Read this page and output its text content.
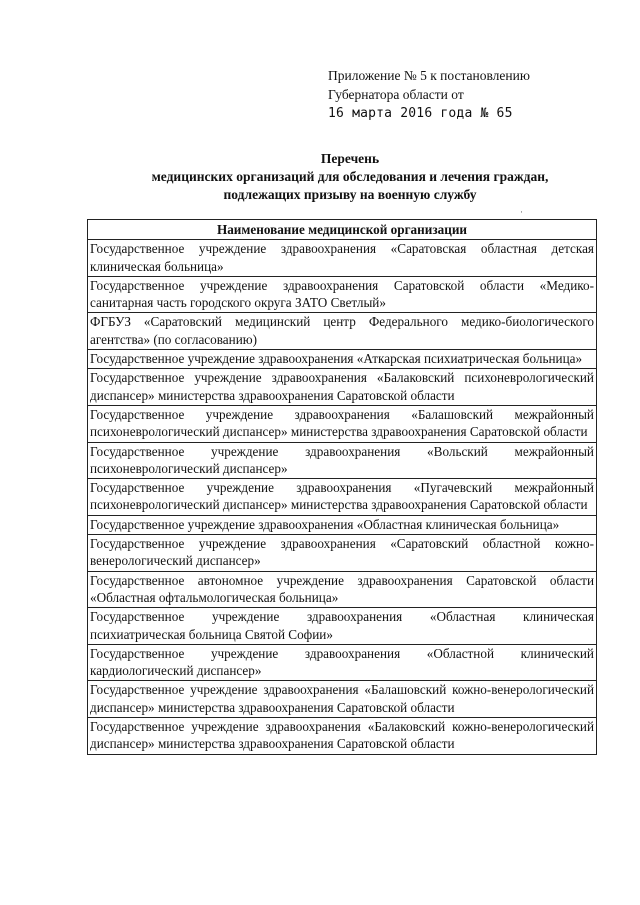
Приложение № 5 к постановлению
Губернатора области от
16 марта 2016 года № 65
Перечень
медицинских организаций для обследования и лечения граждан,
подлежащих призыву на военную службу
·
Наименование медицинской организации
Государственное учреждение здравоохранения «Саратовская областная детская клиническая больница»
Государственное учреждение здравоохранения Саратовской области «Медико-санитарная часть городского округа ЗАТО Светлый»
ФГБУЗ «Саратовский медицинский центр Федерального медико-биологического агентства» (по согласованию)
Государственное учреждение здравоохранения «Аткарская психиатрическая больница»
Государственное учреждение здравоохранения «Балаковский психоневрологический диспансер» министерства здравоохранения Саратовской области
Государственное учреждение здравоохранения «Балашовский межрайонный психоневрологический диспансер» министерства здравоохранения Саратовской области
Государственное учреждение здравоохранения «Вольский межрайонный психоневрологический диспансер»
Государственное учреждение здравоохранения «Пугачевский межрайонный психоневрологический диспансер» министерства здравоохранения Саратовской области
Государственное учреждение здравоохранения «Областная клиническая больница»
Государственное учреждение здравоохранения «Саратовский областной кожно-венерологический диспансер»
Государственное автономное учреждение здравоохранения Саратовской области «Областная офтальмологическая больница»
Государственное учреждение здравоохранения «Областная клиническая психиатрическая больница Святой Софии»
Государственное учреждение здравоохранения «Областной клинический кардиологический диспансер»
Государственное учреждение здравоохранения «Балашовский кожно-венерологический диспансер» министерства здравоохранения Саратовской области
Государственное учреждение здравоохранения «Балаковский кожно-венерологический диспансер» министерства здравоохранения Саратовской области
